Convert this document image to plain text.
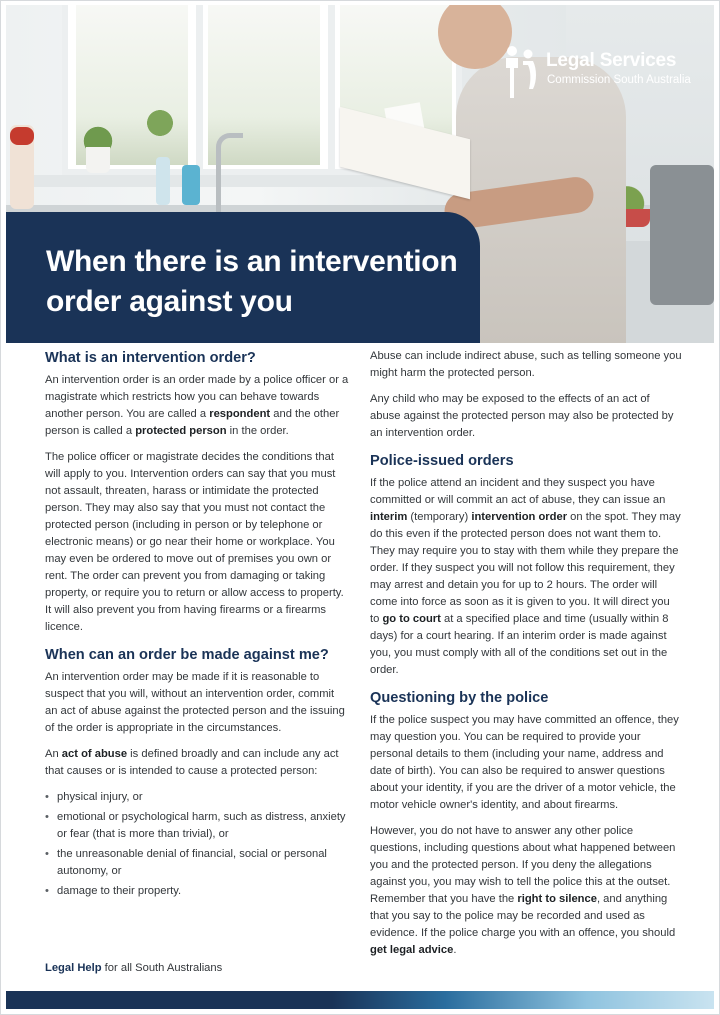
Legal Services
Commission South Australia
When there is an intervention order against you
What is an intervention order?

An intervention order is an order made by a police officer or a magistrate which restricts how you can behave towards another person. You are called a respondent and the other person is called a protected person in the order.

The police officer or magistrate decides the conditions that will apply to you. Intervention orders can say that you must not assault, threaten, harass or intimidate the protected person. They may also say that you must not contact the protected person (including in person or by telephone or electronic means) or go near their home or workplace. You may even be ordered to move out of premises you own or rent. The order can prevent you from damaging or taking property, or require you to return or allow access to property. It will also prevent you from having firearms or a firearms licence.

When can an order be made against me?

An intervention order may be made if it is reasonable to suspect that you will, without an intervention order, commit an act of abuse against the protected person and the issuing of the order is appropriate in the circumstances.

An act of abuse is defined broadly and can include any act that causes or is intended to cause a protected person:

• physical injury, or
• emotional or psychological harm, such as distress, anxiety or fear (that is more than trivial), or
• the unreasonable denial of financial, social or personal autonomy, or
• damage to their property.

Abuse can include indirect abuse, such as telling someone you might harm the protected person.

Any child who may be exposed to the effects of an act of abuse against the protected person may also be protected by an intervention order.

Police-issued orders

If the police attend an incident and they suspect you have committed or will commit an act of abuse, they can issue an interim (temporary) intervention order on the spot. They may do this even if the protected person does not want them to. They may require you to stay with them while they prepare the order. If they suspect you will not follow this requirement, they may arrest and detain you for up to 2 hours. The order will come into force as soon as it is given to you. It will direct you to go to court at a specified place and time (usually within 8 days) for a court hearing. If an interim order is made against you, you must comply with all of the conditions set out in the order.

Questioning by the police

If the police suspect you may have committed an offence, they may question you. You can be required to provide your personal details to them (including your name, address and date of birth). You can also be required to answer questions about your identity, if you are the driver of a motor vehicle, the motor vehicle owner's identity, and about firearms.

However, you do not have to answer any other police questions, including questions about what happened between you and the protected person. If you deny the allegations against you, you may wish to tell the police this at the outset. Remember that you have the right to silence, and anything that you say to the police may be recorded and used as evidence. If the police charge you with an offence, you should get legal advice.

Legal Help for all South Australians
